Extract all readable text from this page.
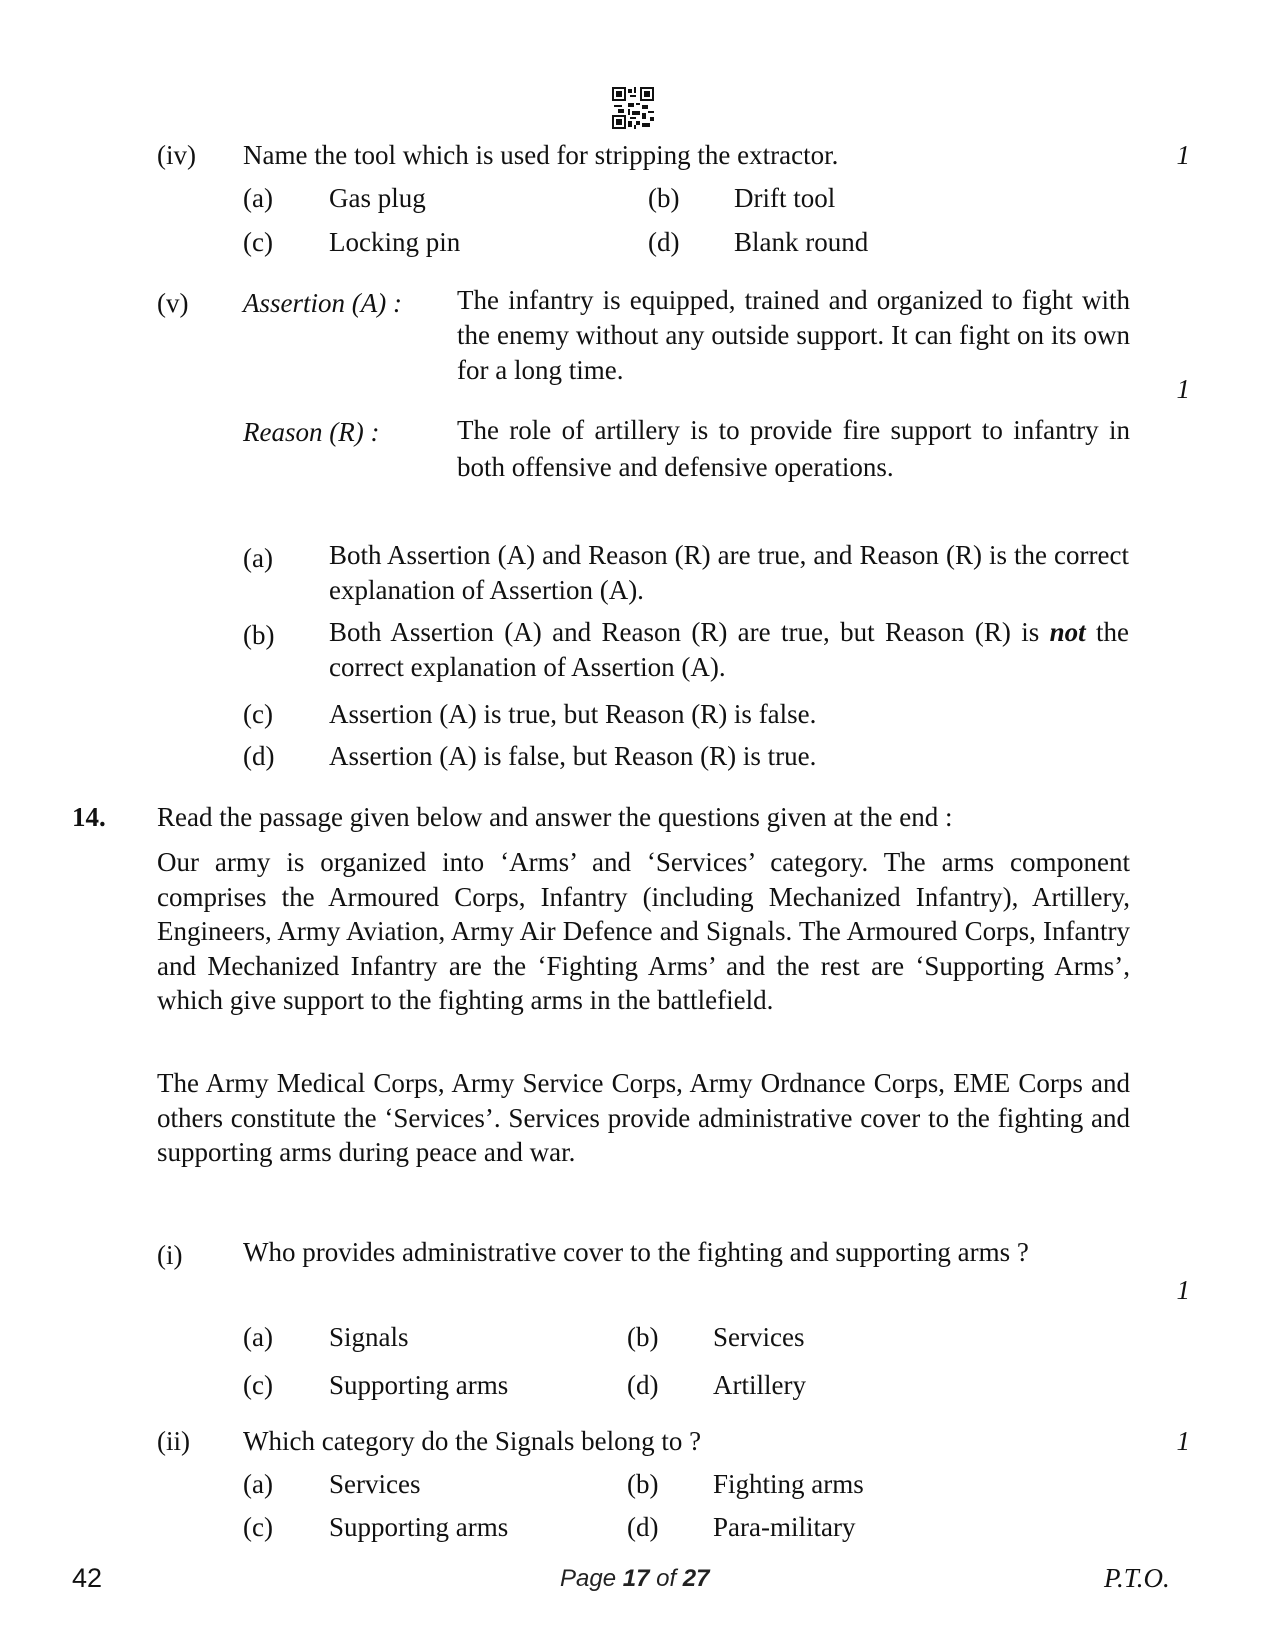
(iv) Name the tool which is used for stripping the extractor.	1
(a) Gas plug	(b) Drift tool
(c) Locking pin	(d) Blank round
(v) Assertion (A) : The infantry is equipped, trained and organized to fight with the enemy without any outside support. It can fight on its own for a long time.
1
Reason (R) :	The role of artillery is to provide fire support to infantry in both offensive and defensive operations.
(a) Both Assertion (A) and Reason (R) are true, and Reason (R) is the correct explanation of Assertion (A).
(b) Both Assertion (A) and Reason (R) are true, but Reason (R) is not the correct explanation of Assertion (A).
(c) Assertion (A) is true, but Reason (R) is false.
(d) Assertion (A) is false, but Reason (R) is true.
14. Read the passage given below and answer the questions given at the end :
Our army is organized into ‘Arms’ and ‘Services’ category. The arms component comprises the Armoured Corps, Infantry (including Mechanized Infantry), Artillery, Engineers, Army Aviation, Army Air Defence and Signals. The Armoured Corps, Infantry and Mechanized Infantry are the ‘Fighting Arms’ and the rest are ‘Supporting Arms’, which give support to the fighting arms in the battlefield.
The Army Medical Corps, Army Service Corps, Army Ordnance Corps, EME Corps and others constitute the ‘Services’. Services provide administrative cover to the fighting and supporting arms during peace and war.
(i) Who provides administrative cover to the fighting and supporting arms ?
1
(a) Signals	(b) Services
(c) Supporting arms	(d) Artillery
(ii) Which category do the Signals belong to ?	1
(a) Services	(b) Fighting arms
(c) Supporting arms	(d) Para-military
42	Page 17 of 27	P.T.O.
